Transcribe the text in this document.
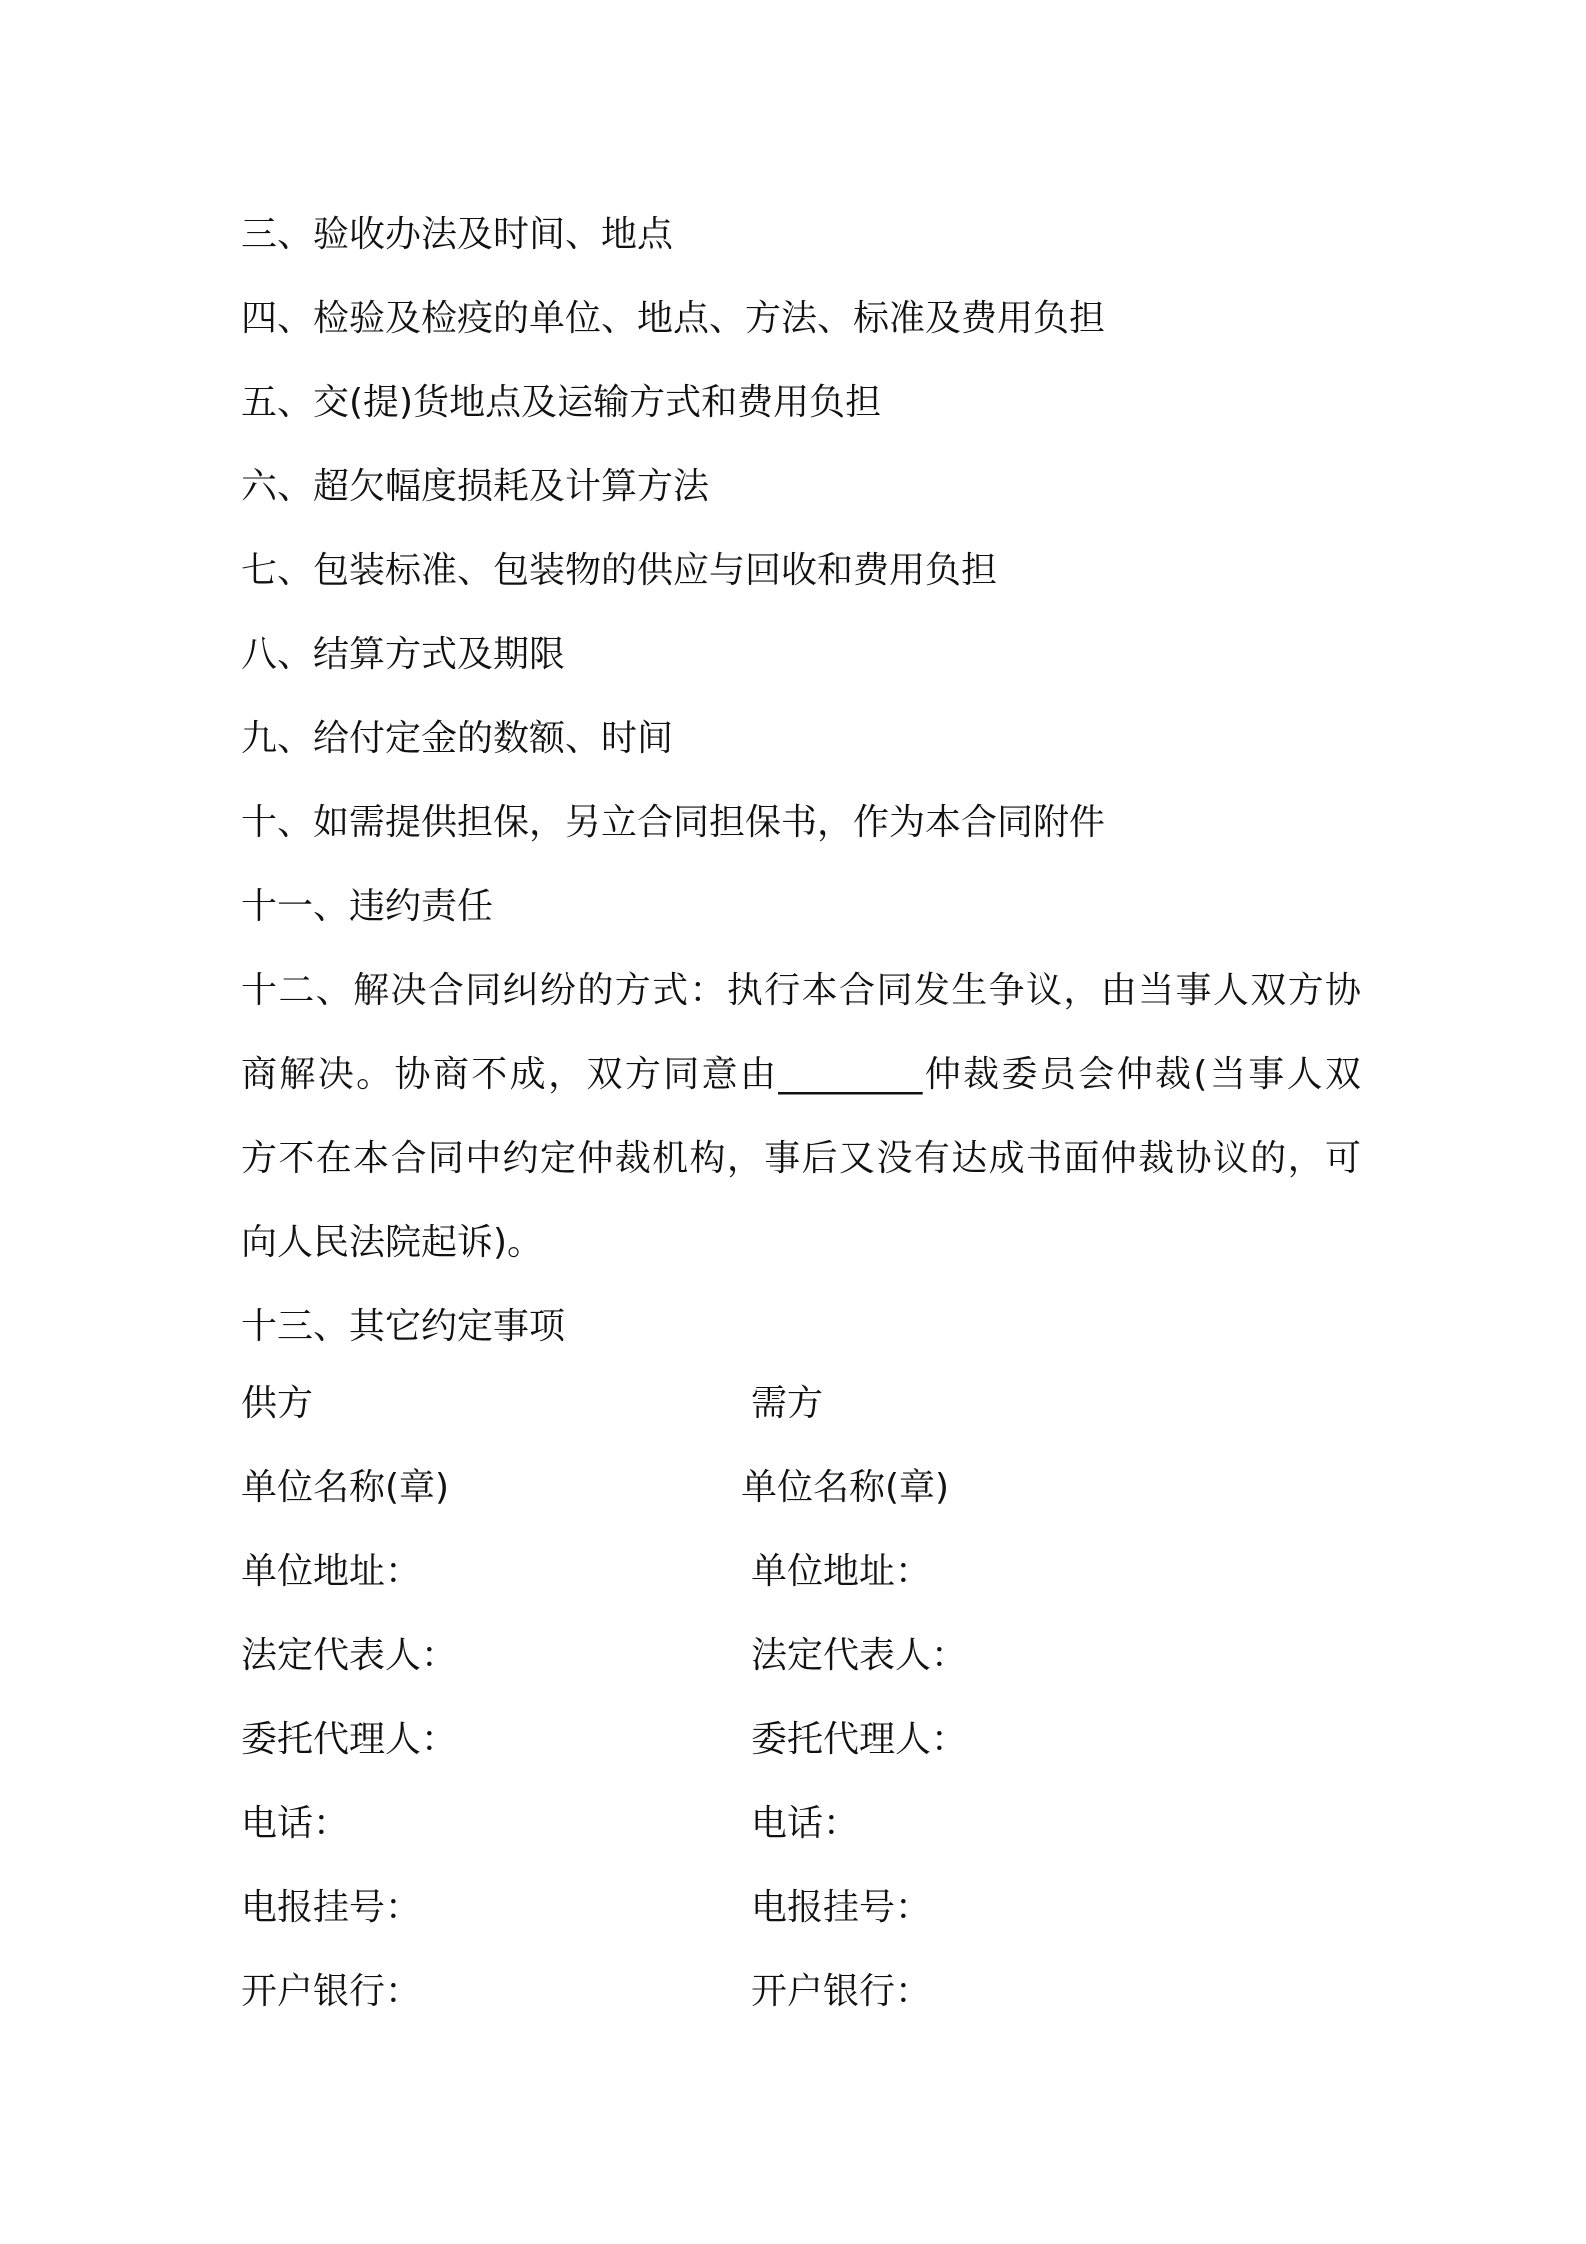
三、验收办法及时间、地点

四、检验及检疫的单位、地点、方法、标准及费用负担

五、交(提)货地点及运输方式和费用负担

六、超欠幅度损耗及计算方法

七、包装标准、包装物的供应与回收和费用负担

八、结算方式及期限

九、给付定金的数额、时间

十、如需提供担保，另立合同担保书，作为本合同附件

十一、违约责任

十二、解决合同纠纷的方式：执行本合同发生争议，由当事人双方协
商解决。协商不成，双方同意由________仲裁委员会仲裁(当事人双
方不在本合同中约定仲裁机构，事后又没有达成书面仲裁协议的，可
向人民法院起诉)。

十三、其它约定事项

供方	需方
单位名称(章)	单位名称(章)
单位地址：	单位地址：
法定代表人：	法定代表人：
委托代理人：	委托代理人：
电话：	电话：
电报挂号：	电报挂号：
开户银行：	开户银行：
